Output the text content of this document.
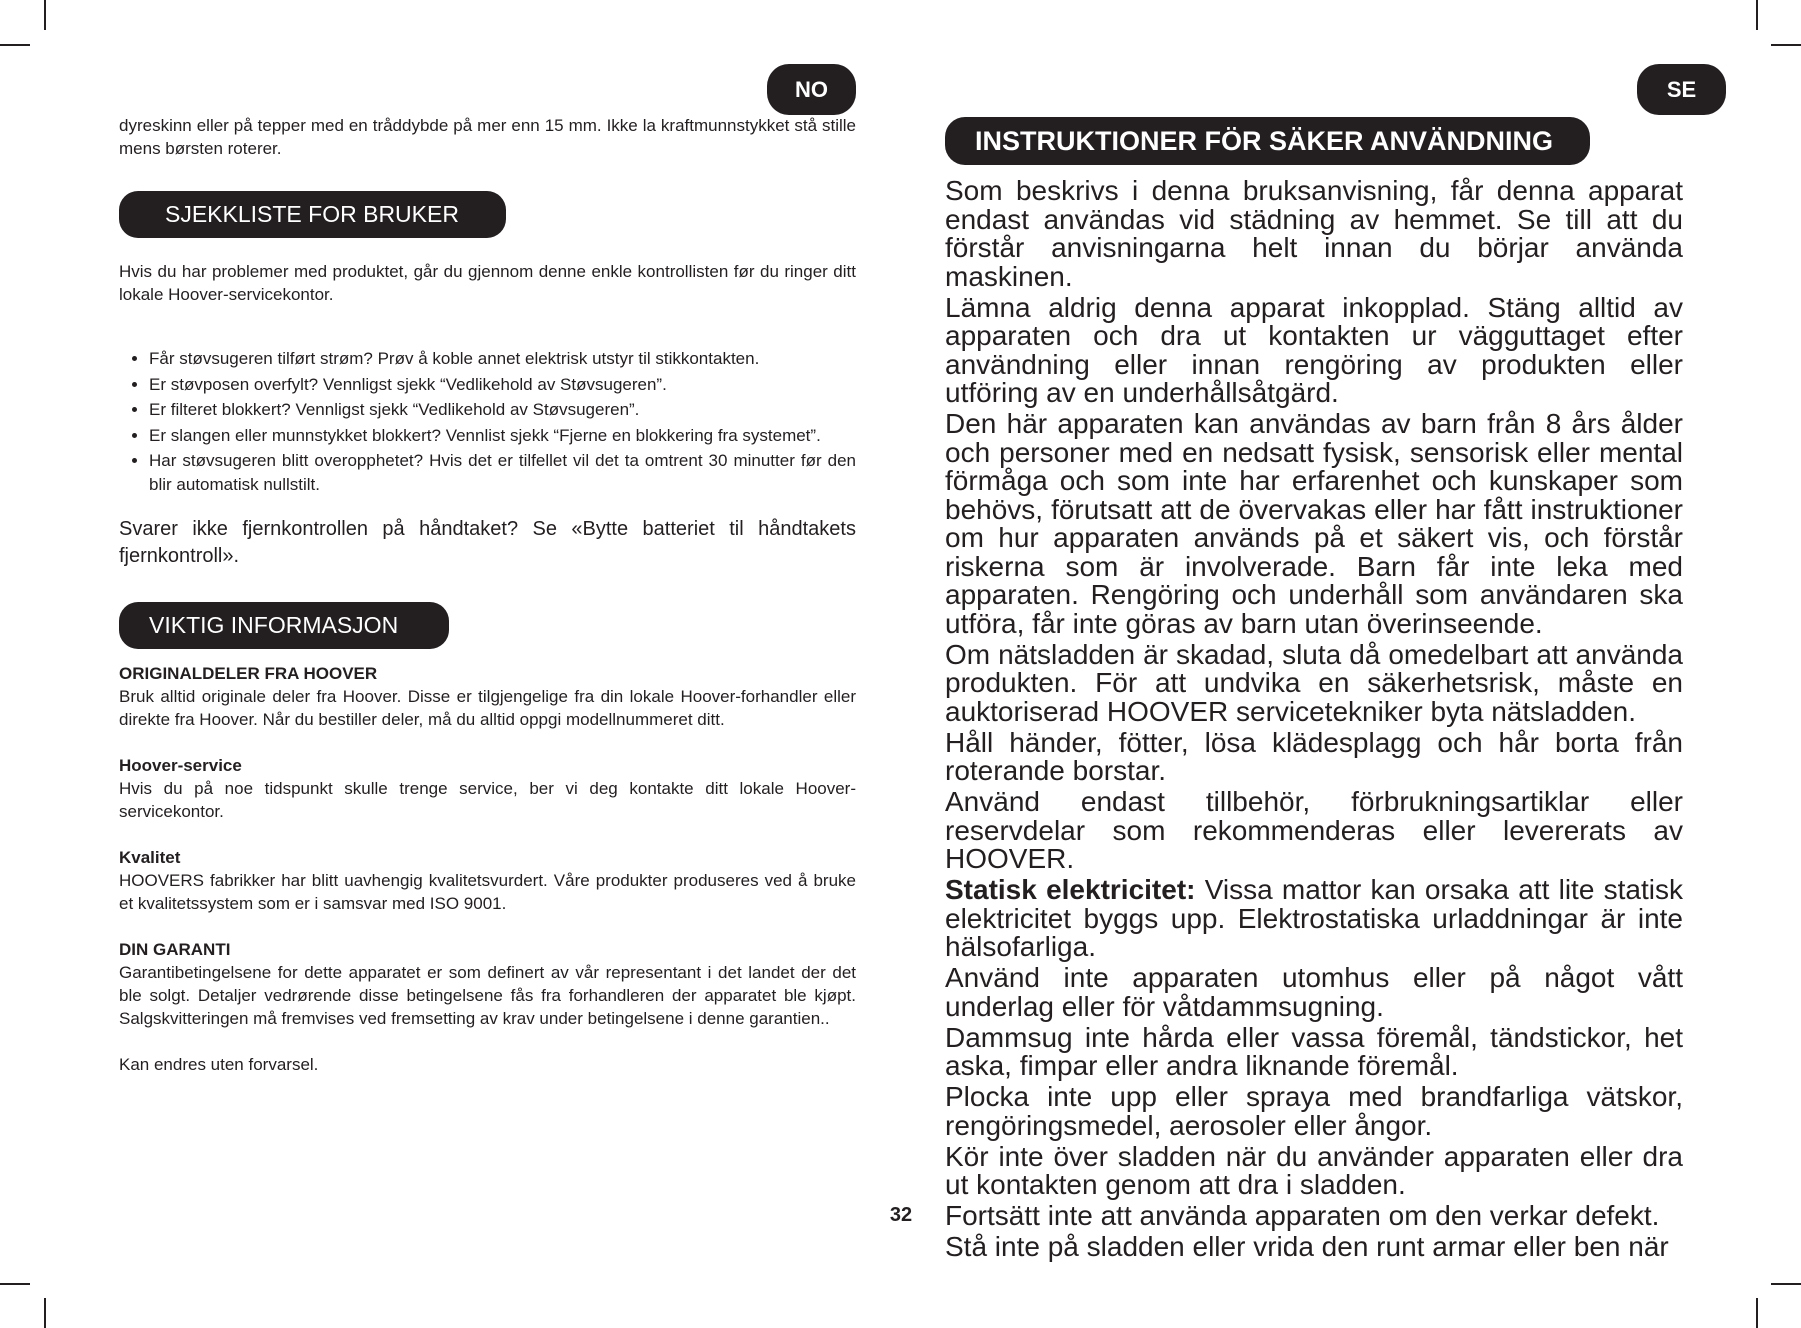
NO	SE

dyreskinn eller på tepper med en tråddybde på mer enn 15 mm. Ikke la kraftmunnstykket stå stille mens børsten roterer.

SJEKKLISTE FOR BRUKER

Hvis du har problemer med produktet, går du gjennom denne enkle kontrollisten før du ringer ditt lokale Hoover-servicekontor.

• Får støvsugeren tilført strøm? Prøv å koble annet elektrisk utstyr til stikkontakten.
• Er støvposen overfylt? Vennligst sjekk “Vedlikehold av Støvsugeren”.
• Er filteret blokkert? Vennligst sjekk “Vedlikehold av Støvsugeren”.
• Er slangen eller munnstykket blokkert? Vennlist sjekk “Fjerne en blokkering fra systemet”.
• Har støvsugeren blitt overopphetet? Hvis det er tilfellet vil det ta omtrent 30 minutter før den blir automatisk nullstilt.

Svarer ikke fjernkontrollen på håndtaket? Se «Bytte batteriet til håndtakets fjernkontroll».

VIKTIG INFORMASJON

ORIGINALDELER FRA HOOVER

Bruk alltid originale deler fra Hoover. Disse er tilgjengelige fra din lokale Hoover-forhandler eller direkte fra Hoover. Når du bestiller deler, må du alltid oppgi modellnummeret ditt.

Hoover-service

Hvis du på noe tidspunkt skulle trenge service, ber vi deg kontakte ditt lokale Hoover-servicekontor.

Kvalitet

HOOVERS fabrikker har blitt uavhengig kvalitetsvurdert. Våre produkter produseres ved å bruke et kvalitetssystem som er i samsvar med ISO 9001.

DIN GARANTI

Garantibetingelsene for dette apparatet er som definert av vår representant i det landet der det ble solgt. Detaljer vedrørende disse betingelsene fås fra forhandleren der apparatet ble kjøpt. Salgskvitteringen må fremvises ved fremsetting av krav under betingelsene i denne garantien..

Kan endres uten forvarsel.

INSTRUKTIONER FÖR SÄKER ANVÄNDNING

Som beskrivs i denna bruksanvisning, får denna apparat endast användas vid städning av hemmet. Se till att du förstår anvisningarna helt innan du börjar använda maskinen.

Lämna aldrig denna apparat inkopplad. Stäng alltid av apparaten och dra ut kontakten ur vägguttaget efter användning eller innan rengöring av produkten eller utföring av en underhållsåtgärd.

Den här apparaten kan användas av barn från 8 års ålder och personer med en nedsatt fysisk, sensorisk eller mental förmåga och som inte har erfarenhet och kunskaper som behövs, förutsatt att de övervakas eller har fått instruktioner om hur apparaten används på et säkert vis, och förstår riskerna som är involverade. Barn får inte leka med apparaten. Rengöring och underhåll som användaren ska utföra, får inte göras av barn utan överinseende.

Om nätsladden är skadad, sluta då omedelbart att använda produkten. För att undvika en säkerhetsrisk, måste en auktoriserad HOOVER servicetekniker byta nätsladden.

Håll händer, fötter, lösa klädesplagg och hår borta från roterande borstar.

Använd endast tillbehör, förbrukningsartiklar eller reservdelar som rekommenderas eller levererats av HOOVER.

Statisk elektricitet: Vissa mattor kan orsaka att lite statisk elektricitet byggs upp. Elektrostatiska urladdningar är inte hälsofarliga.

Använd inte apparaten utomhus eller på något vått underlag eller för våtdammsugning.

Dammsug inte hårda eller vassa föremål, tändstickor, het aska, fimpar eller andra liknande föremål.

Plocka inte upp eller spraya med brandfarliga vätskor, rengöringsmedel, aerosoler eller ångor.

Kör inte över sladden när du använder apparaten eller dra ut kontakten genom att dra i sladden.

Fortsätt inte att använda apparaten om den verkar defekt.

Stå inte på sladden eller vrida den runt armar eller ben när

32
